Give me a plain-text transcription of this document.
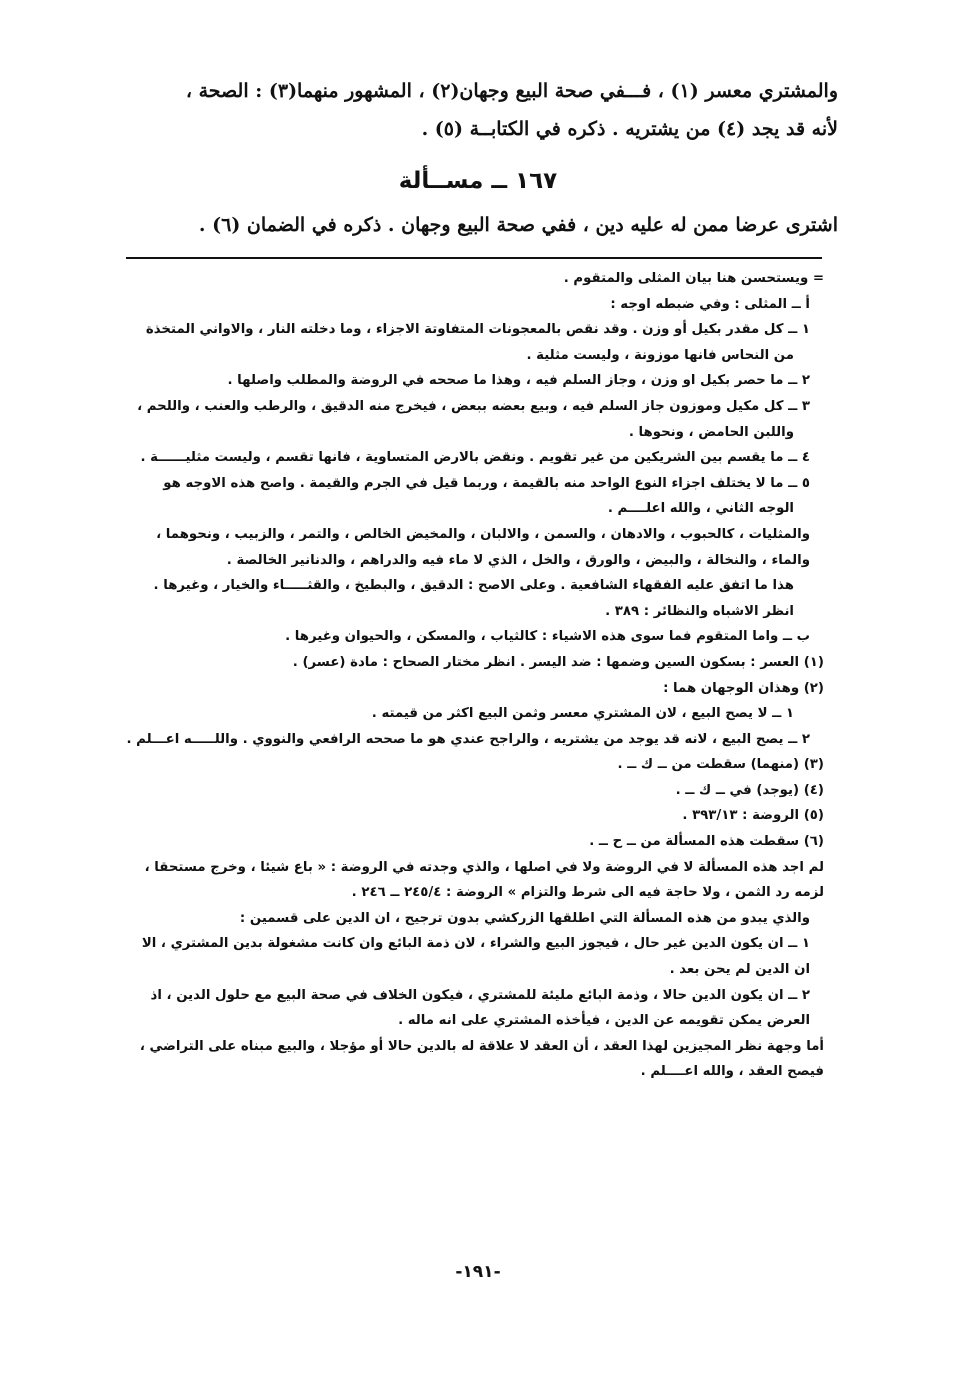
والمشتري معسر (١) ، فـــفي صحة البيع وجهان(٢) ، المشهور منهما(٣) : الصحة ،

لأنه قد يجد (٤) من يشتريه . ذكره في الكتابــة (٥) .

١٦٧ ــ مســألة
اشترى عرضا ممن له عليه دين ، ففي صحة البيع وجهان . ذكره في الضمان (٦) .

= ويستحسن هنا بيان المثلى والمتقوم .

أ ــ المثلى : وفي ضبطه اوجه :

١ ــ كل مقدر بكيل أو وزن . وقد نقص بالمعجونات المتفاوتة الاجزاء ، وما دخلته النار ، والاواني المتخذة من النحاس فانها موزونة ، وليست مثلية .

٢ ــ ما حصر بكيل او وزن ، وجاز السلم فيه ، وهذا ما صححه في الروضة والمطلب واصلها .

٣ ــ كل مكيل وموزون جاز السلم فيه ، وبيع بعضه ببعض ، فيخرج منه الدقيق ، والرطب والعنب ، واللحم ، واللبن الحامض ، ونحوها .

٤ ــ ما يقسم بين الشريكين من غير تقويم . ونقض بالارض المتساوية ، فانها تقسم ، وليست مثليــــــة .

٥ ــ ما لا يختلف اجزاء النوع الواحد منه بالقيمة ، وربما قيل في الجرم والقيمة . واصح هذه الاوجه هو الوجه الثاني ، والله اعلــــم .

والمثليات ، كالحبوب ، والادهان ، والسمن ، والالبان ، والمخيض الخالص ، والتمر ، والزبيب ، ونحوهما ، والماء ، والنخالة ، والبيض ، والورق ، والخل ، الذي لا ماء فيه والدراهم ، والدنانير الخالصة .

هذا ما اتفق عليه الفقهاء الشافعية . وعلى الاصح : الدقيق ، والبطيخ ، والقثـــــاء والخيار ، وغيرها . انظر الاشباه والنظائر : ٣٨٩ .

ب ــ واما المتقوم فما سوى هذه الاشياء : كالثياب ، والمسكن ، والحيوان وغيرها .

(١) العسر : بسكون السين وضمها : ضد اليسر . انظر مختار الصحاح : مادة (عسر) .

(٢) وهذان الوجهان هما :

١ ــ لا يصح البيع ، لان المشتري معسر وثمن البيع اكثر من قيمته .

٢ ــ يصح البيع ، لانه قد يوجد من يشتريه ، والراجح عندي هو ما صححه الرافعي والنووي . واللـــــه اعـــلم .

(٣) (منهما) سقطت من ــ ك ــ .

(٤) (يوجد) في ــ ك ــ .

(٥) الروضة : ٣٩٣/١٣ .

(٦) سقطت هذه المسألة من ــ ح ــ .

لم اجد هذه المسألة لا في الروضة ولا في اصلها ، والذي وجدته في الروضة : « باع شيئا ، وخرج مستحقا ، لزمه رد الثمن ، ولا حاجة فيه الى شرط والتزام » الروضة : ٢٤٥/٤ ــ ٢٤٦ .

والذي يبدو من هذه المسألة التي اطلقها الزركشي بدون ترجيح ، ان الدين على قسمين :

١ ــ ان يكون الدين غير حال ، فيجوز البيع والشراء ، لان ذمة البائع وان كانت مشغولة بدين المشتري ، الا ان الدين لم يحن بعد .

٢ ــ ان يكون الدين حالا ، وذمة البائع مليئة للمشتري ، فيكون الخلاف في صحة البيع مع حلول الدين ، اذ العرض يمكن تقويمه عن الدين ، فيأخذه المشتري على انه ماله .

أما وجهة نظر المجيزين لهذا العقد ، أن العقد لا علاقة له بالدين حالا أو مؤجلا ، والبيع مبناه على التراضي ، فيصح العقد ، والله اعــــلم .

-١٩١-
